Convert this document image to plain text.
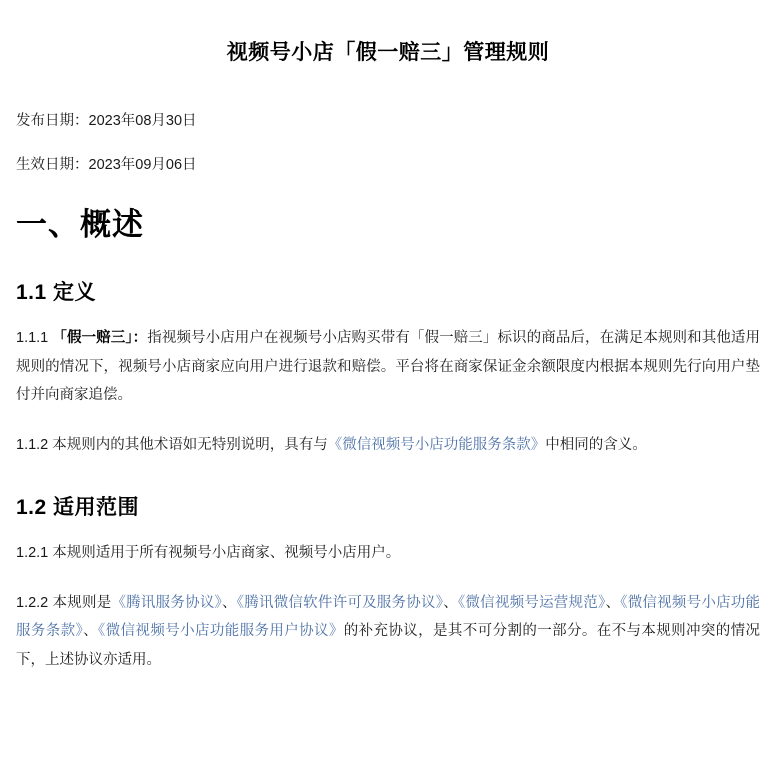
视频号小店「假一赔三」管理规则
发布日期：2023年08月30日
生效日期：2023年09月06日
一、概述
1.1 定义

1.1.1 「假一赔三」：指视频号小店用户在视频号小店购买带有「假一赔三」标识的商品后，在满足本规则和其他适用规则的情况下，视频号小店商家应向用户进行退款和赔偿。平台将在商家保证金余额限度内根据本规则先行向用户垫付并向商家追偿。

1.1.2 本规则内的其他术语如无特别说明，具有与《微信视频号小店功能服务条款》中相同的含义。

1.2 适用范围

1.2.1 本规则适用于所有视频号小店商家、视频号小店用户。

1.2.2 本规则是《腾讯服务协议》、《腾讯微信软件许可及服务协议》、《微信视频号运营规范》、《微信视频号小店功能服务条款》、《微信视频号小店功能服务用户协议》的补充协议，是其不可分割的一部分。在不与本规则冲突的情况下，上述协议亦适用。
